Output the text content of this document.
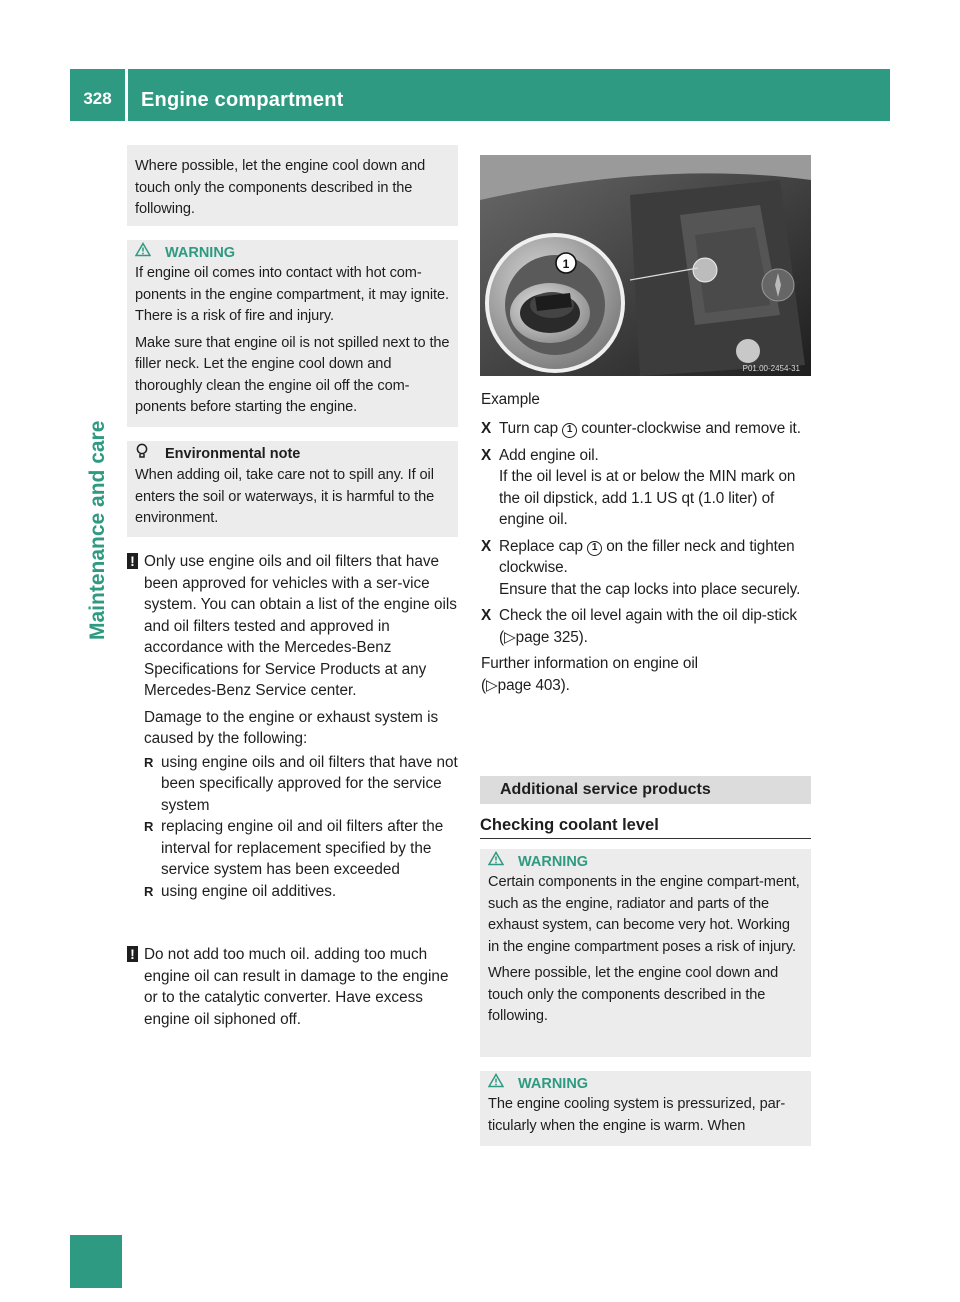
328	Engine compartment
Maintenance and care
Where possible, let the engine cool down and touch only the components described in the following.
WARNING
If engine oil comes into contact with hot com-ponents in the engine compartment, it may ignite. There is a risk of fire and injury.
Make sure that engine oil is not spilled next to the filler neck. Let the engine cool down and thoroughly clean the engine oil off the com-ponents before starting the engine.
Environmental note
When adding oil, take care not to spill any. If oil enters the soil or waterways, it is harmful to the environment.
! Only use engine oils and oil filters that have been approved for vehicles with a ser-vice system. You can obtain a list of the engine oils and oil filters tested and approved in accordance with the Mercedes-Benz Specifications for Service Products at any Mercedes-Benz Service center.
Damage to the engine or exhaust system is caused by the following:
R using engine oils and oil filters that have not been specifically approved for the service system
R replacing engine oil and oil filters after the interval for replacement specified by the service system has been exceeded
R using engine oil additives.
! Do not add too much oil. adding too much engine oil can result in damage to the engine or to the catalytic converter. Have excess engine oil siphoned off.
1
P01.00-2454-31
Example
X Turn cap 1 counter-clockwise and remove it.
X Add engine oil.
If the oil level is at or below the MIN mark on the oil dipstick, add 1.1 US qt (1.0 liter) of engine oil.
X Replace cap 1 on the filler neck and tighten clockwise.
Ensure that the cap locks into place securely.
X Check the oil level again with the oil dip-stick (▷page 325).
Further information on engine oil
(▷page 403).
Additional service products
Checking coolant level
WARNING
Certain components in the engine compart-ment, such as the engine, radiator and parts of the exhaust system, can become very hot. Working in the engine compartment poses a risk of injury.
Where possible, let the engine cool down and touch only the components described in the following.
WARNING
The engine cooling system is pressurized, par-ticularly when the engine is warm. When
